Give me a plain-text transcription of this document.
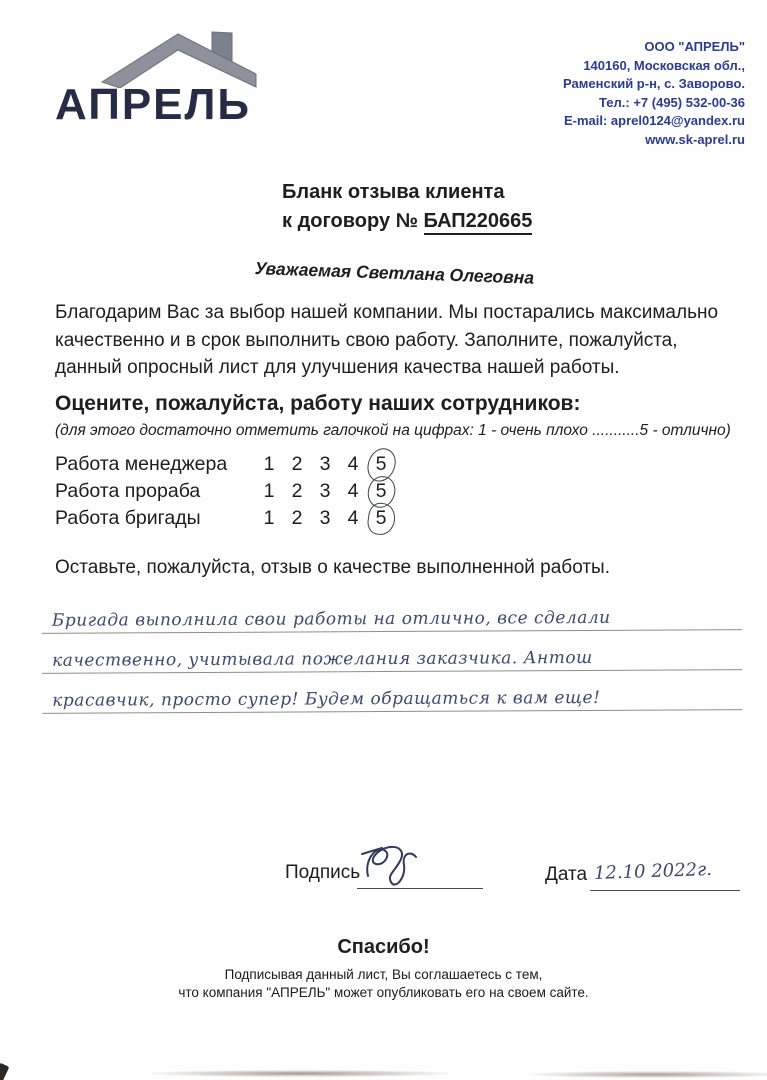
АПРЕЛЬ
ООО "АПРЕЛЬ"
140160, Московская обл.,
Раменский р-н, с. Заворово.
Тел.: +7 (495) 532-00-36
E-mail: aprel0124@yandex.ru
www.sk-aprel.ru
Бланк отзыва клиента
к договору № БАП220665
Уважаемая Светлана Олеговна
Благодарим Вас за выбор нашей компании. Мы постарались максимально
качественно и в срок выполнить свою работу. Заполните, пожалуйста,
данный опросный лист для улучшения качества нашей работы.
Оцените, пожалуйста, работу наших сотрудников:
(для этого достаточно отметить галочкой на цифрах: 1 - очень плохо ...........5 - отлично)
Работа менеджера	1 2 3 4 5
Работа прораба	1 2 3 4 5
Работа бригады	1 2 3 4 5
Оставьте, пожалуйста, отзыв о качестве выполненной работы.
Бригада выполнила свои работы на отлично, все сделали
качественно, учитывала пожелания заказчика. Антош
красавчик, просто супер! Будем обращаться к вам еще!
Подпись	Дата 12.10 2022г.
Спасибо!
Подписывая данный лист, Вы соглашаетесь с тем,
что компания "АПРЕЛЬ" может опубликовать его на своем сайте.
